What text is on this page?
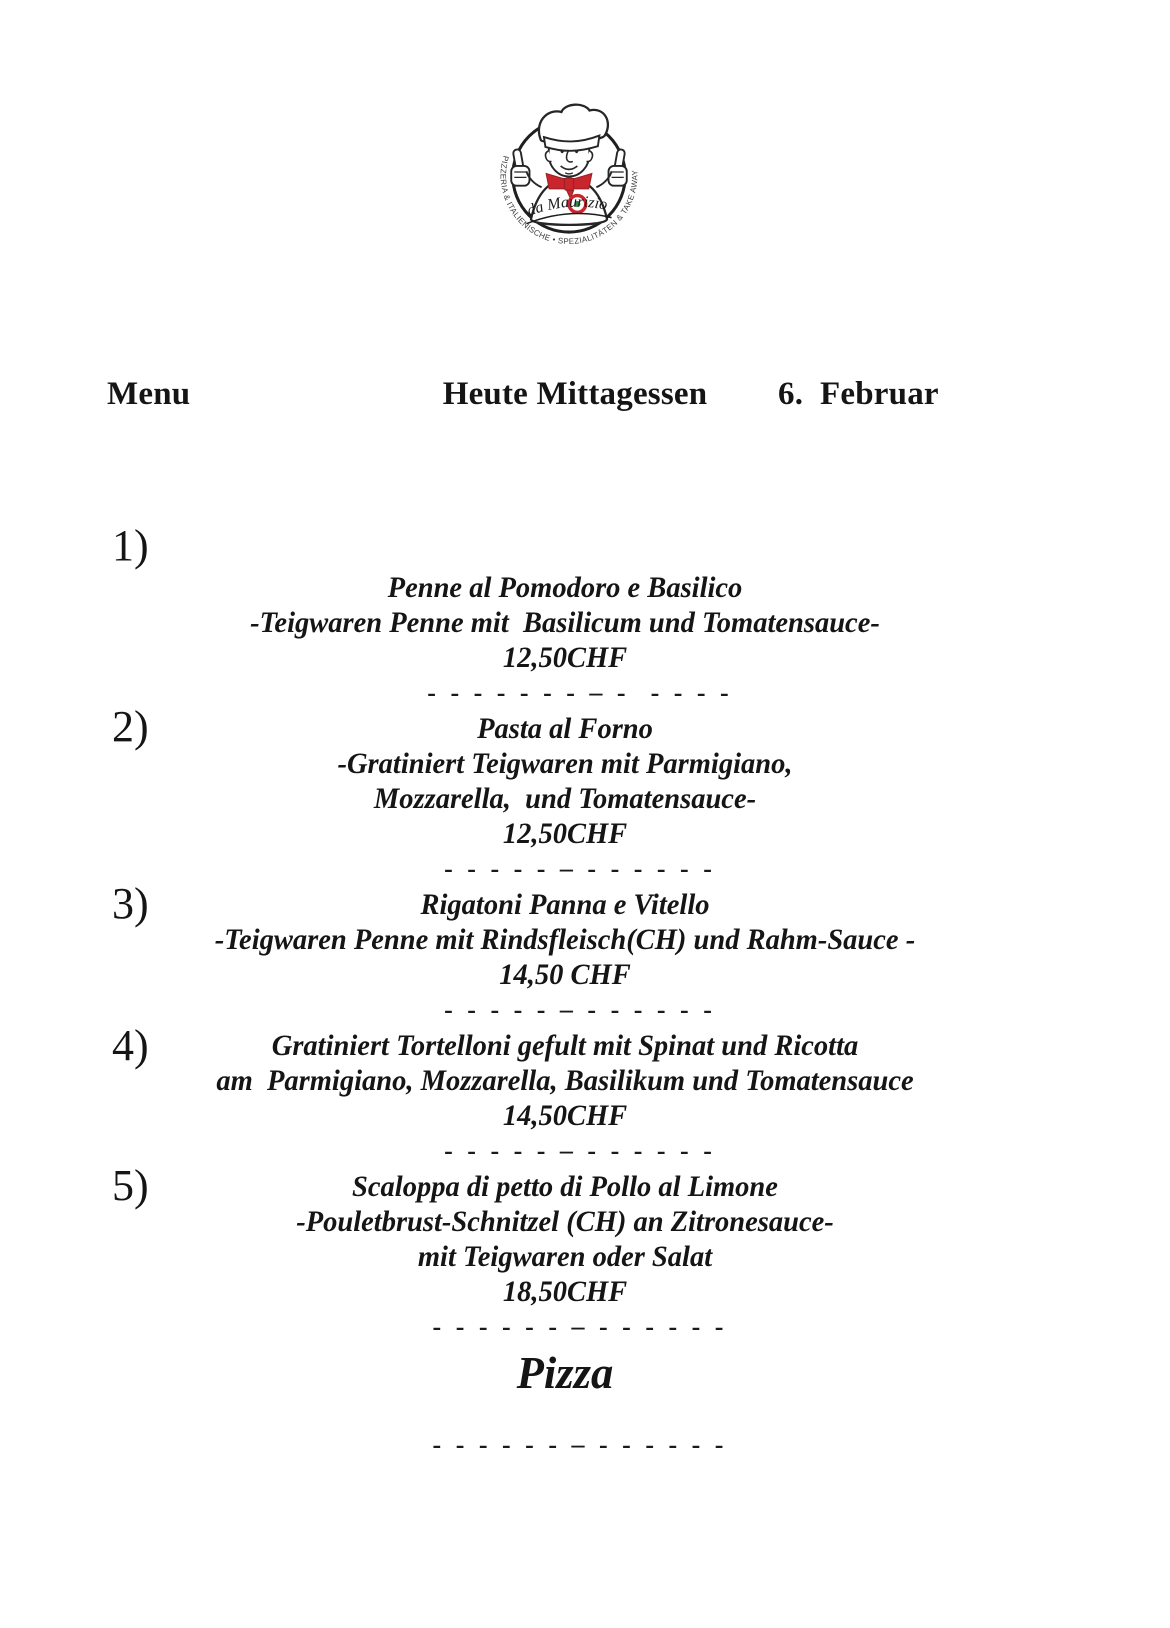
da Maurizio
PIZZERIA & ITALIENISCHE • SPEZIALITÄTEN & TAKE AWAY
Menu	Heute Mittagessen 6.  Februar
1)
2)
3)
4)
5)
Penne al Pomodoro e Basilico
-Teigwaren Penne mit  Basilicum und Tomatensauce-
12,50CHF
- - - - - - - – -  - - - -
Pasta al Forno
-Gratiniert Teigwaren mit Parmigiano,
Mozzarella,  und Tomatensauce-
12,50CHF
- - - - - – - - - - - -
Rigatoni Panna e Vitello
-Teigwaren Penne mit Rindsfleisch(CH) und Rahm-Sauce -
14,50 CHF
- - - - - – - - - - - -
Gratiniert Tortelloni gefult mit Spinat und Ricotta
am  Parmigiano, Mozzarella, Basilikum und Tomatensauce
14,50CHF
- - - - - – - - - - - -
Scaloppa di petto di Pollo al Limone
-Pouletbrust-Schnitzel (CH) an Zitronesauce-
mit Teigwaren oder Salat
18,50CHF
- - - - - - – - - - - - -
Pizza
- - - - - - – - - - - - -
